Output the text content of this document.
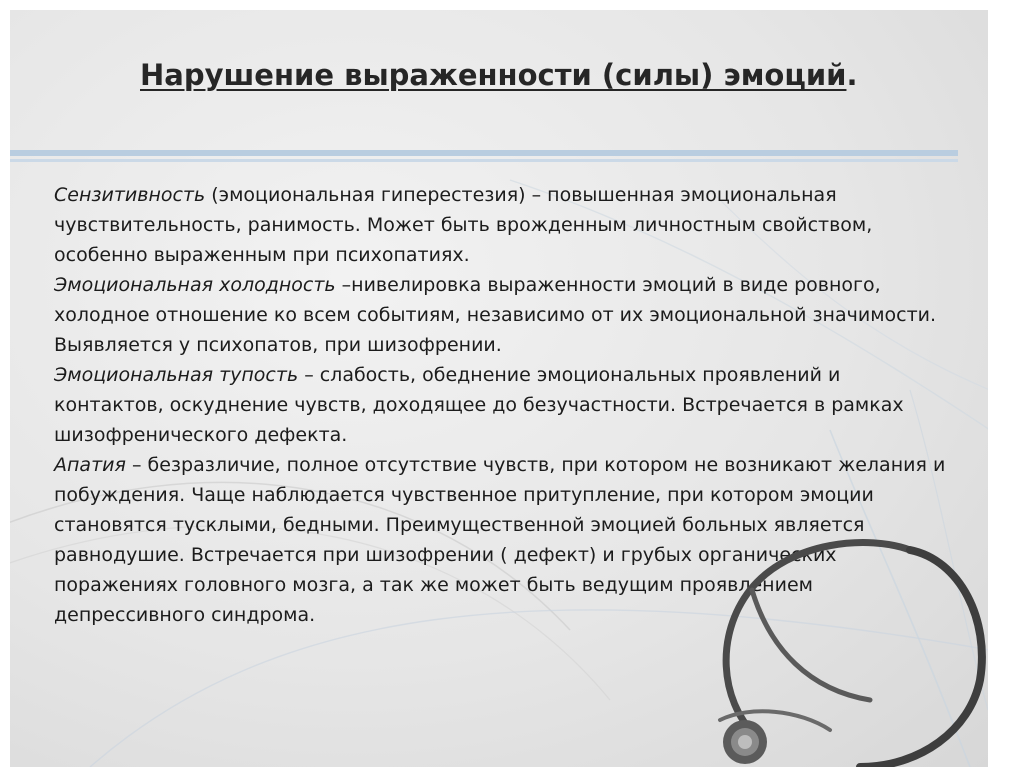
Нарушение выраженности (силы) эмоций.

Сензитивность (эмоциональная гиперестезия) – повышенная эмоциональная чувствительность, ранимость. Может быть врожденным личностным свойством, особенно выраженным при психопатиях.

Эмоциональная холодность –нивелировка выраженности эмоций в виде ровного, холодное отношение ко всем событиям, независимо от их эмоциональной значимости. Выявляется у психопатов, при шизофрении.

Эмоциональная тупость – слабость, обеднение эмоциональных проявлений и контактов, оскуднение чувств, доходящее до безучастности. Встречается в рамках шизофренического дефекта.

Апатия – безразличие, полное отсутствие чувств, при котором не возникают желания и побуждения. Чаще наблюдается чувственное притупление, при котором эмоции становятся тусклыми, бедными. Преимущественной эмоцией больных является равнодушие. Встречается при шизофрении ( дефект) и грубых органических поражениях головного мозга, а так же может быть ведущим проявлением депрессивного синдрома.
